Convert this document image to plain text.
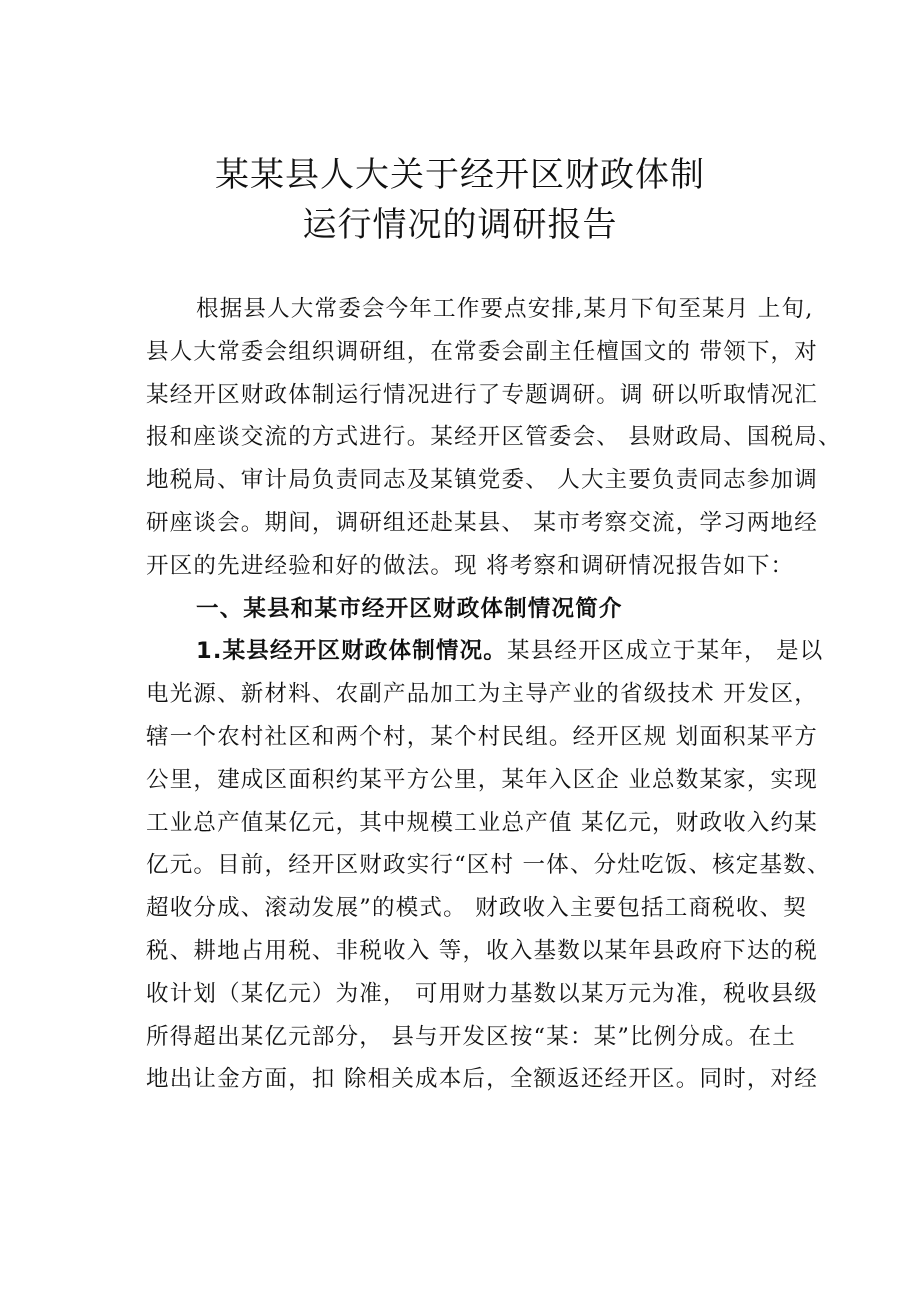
某某县人大关于经开区财政体制
运行情况的调研报告
根据县人大常委会今年工作要点安排,某月下旬至某月 上旬,
县人大常委会组织调研组，在常委会副主任檀国文的 带领下，对
某经开区财政体制运行情况进行了专题调研。调 研以听取情况汇
报和座谈交流的方式进行。某经开区管委会、 县财政局、国税局、
地税局、审计局负责同志及某镇党委、 人大主要负责同志参加调
研座谈会。期间，调研组还赴某县、 某市考察交流，学习两地经
开区的先进经验和好的做法。现 将考察和调研情况报告如下：
一、某县和某市经开区财政体制情况简介
1.某县经开区财政体制情况。某县经开区成立于某年， 是以
电光源、新材料、农副产品加工为主导产业的省级技术 开发区，
辖一个农村社区和两个村，某个村民组。经开区规 划面积某平方
公里，建成区面积约某平方公里，某年入区企 业总数某家，实现
工业总产值某亿元，其中规模工业总产值 某亿元，财政收入约某
亿元。目前，经开区财政实行“区村 一体、分灶吃饭、核定基数、
超收分成、滚动发展”的模式。 财政收入主要包括工商税收、契
税、耕地占用税、非税收入 等，收入基数以某年县政府下达的税
收计划（某亿元）为准， 可用财力基数以某万元为准，税收县级
所得超出某亿元部分， 县与开发区按“某：某”比例分成。在土
地出让金方面，扣 除相关成本后，全额返还经开区。同时，对经
